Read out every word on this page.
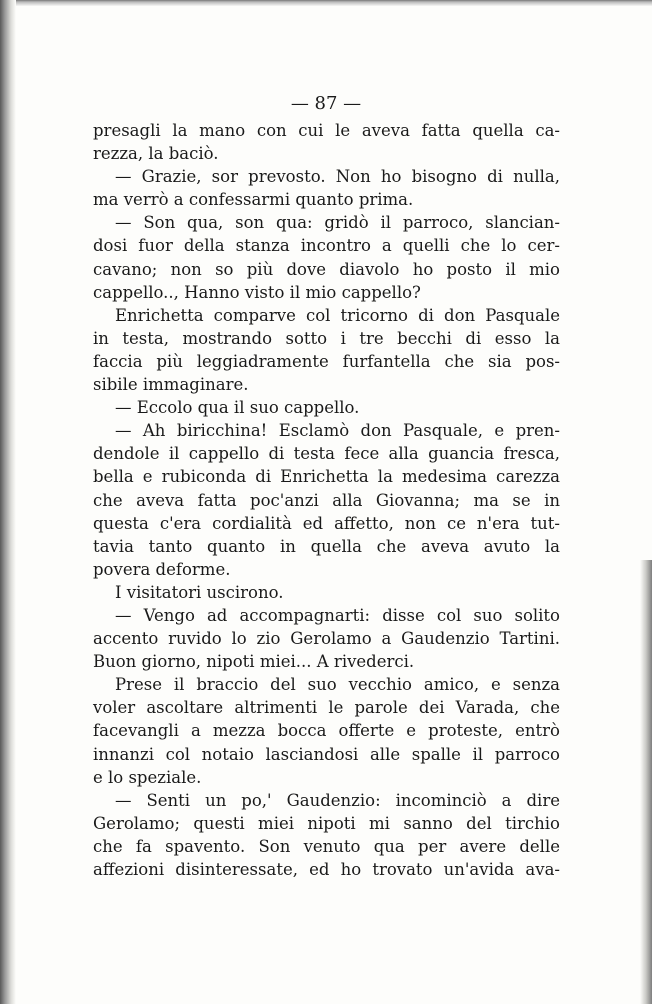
— 87 —
presagli la mano con cui le aveva fatta quella ca-
rezza, la baciò.
— Grazie, sor prevosto. Non ho bisogno di nulla,
ma verrò a confessarmi quanto prima.
— Son qua, son qua: gridò il parroco, slancian-
dosi fuor della stanza incontro a quelli che lo cer-
cavano; non so più dove diavolo ho posto il mio
cappello.., Hanno visto il mio cappello?
Enrichetta comparve col tricorno di don Pasquale
in testa, mostrando sotto i tre becchi di esso la
faccia più leggiadramente furfantella che sia pos-
sibile immaginare.
— Eccolo qua il suo cappello.
— Ah biricchina! Esclamò don Pasquale, e pren-
dendole il cappello di testa fece alla guancia fresca,
bella e rubiconda di Enrichetta la medesima carezza
che aveva fatta poc'anzi alla Giovanna; ma se in
questa c'era cordialità ed affetto, non ce n'era tut-
tavia tanto quanto in quella che aveva avuto la
povera deforme.
I visitatori uscirono.
— Vengo ad accompagnarti: disse col suo solito
accento ruvido lo zio Gerolamo a Gaudenzio Tartini.
Buon giorno, nipoti miei... A rivederci.
Prese il braccio del suo vecchio amico, e senza
voler ascoltare altrimenti le parole dei Varada, che
facevangli a mezza bocca offerte e proteste, entrò
innanzi col notaio lasciandosi alle spalle il parroco
e lo speziale.
— Senti un po,' Gaudenzio: incominciò a dire
Gerolamo; questi miei nipoti mi sanno del tirchio
che fa spavento. Son venuto qua per avere delle
affezioni disinteressate, ed ho trovato un'avida ava-
